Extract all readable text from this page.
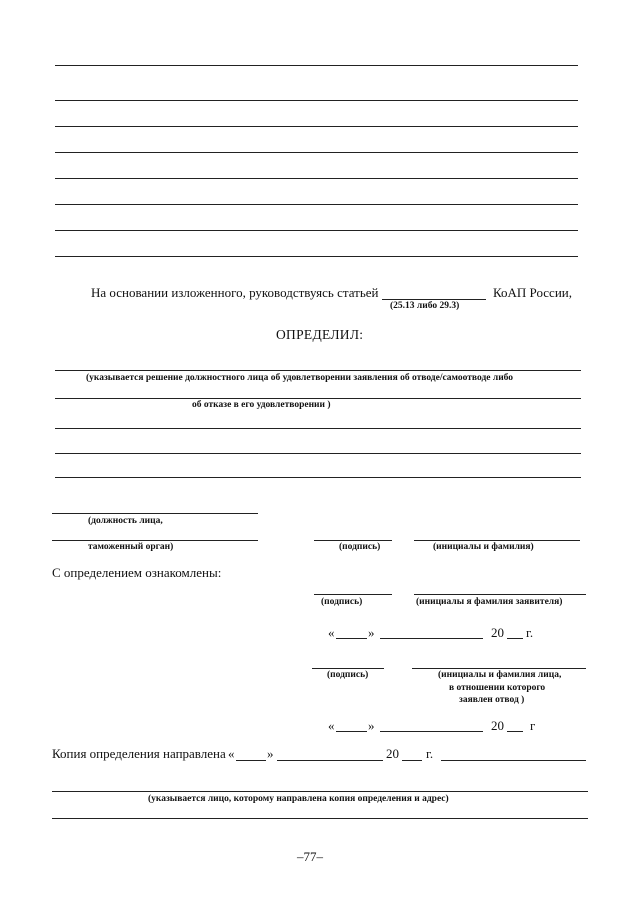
На основании изложенного, руководствуясь статьей	КоАП России,
(25.13 либо 29.3)
ОПРЕДЕЛИЛ:
(указывается решение должностного лица об удовлетворении заявления об отводе/самоотводе либо
об отказе в его удовлетворении )
(должность лица,
таможенный орган)	(подпись)	(инициалы и фамилия)
С определением ознакомлены:
(подпись)	(инициалы я фамилия заявителя)
«	»	20 г.
(подпись)	(инициалы и фамилия лица,
в отношении которого
заявлен отвод )
«	»	20 г
Копия определения направлена «	»	20 г.
(указывается лицо, которому направлена копия определения и адрес)
–77–
